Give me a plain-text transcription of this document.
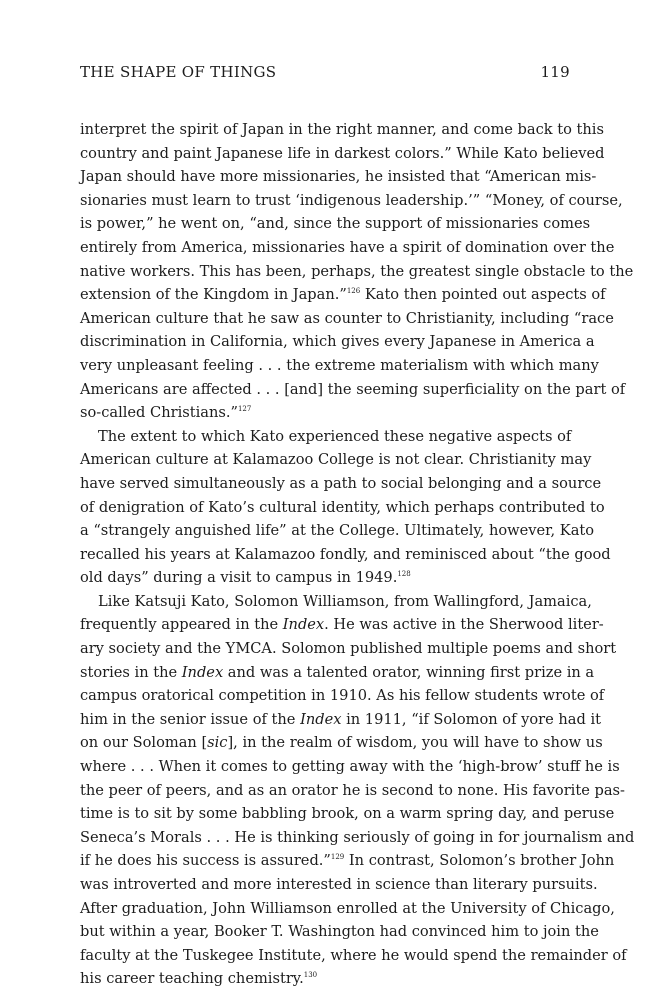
THE SHAPE OF THINGS	119
interpret the spirit of Japan in the right manner, and come back to this
country and paint Japanese life in darkest colors.” While Kato believed
Japan should have more missionaries, he insisted that “American mis-
sionaries must learn to trust ‘indigenous leadership.’” “Money, of course,
is power,” he went on, “and, since the support of missionaries comes
entirely from America, missionaries have a spirit of domination over the
native workers. This has been, perhaps, the greatest single obstacle to the
extension of the Kingdom in Japan.”$^{126}$ Kato then pointed out aspects of
American culture that he saw as counter to Christianity, including “race
discrimination in California, which gives every Japanese in America a
very unpleasant feeling . . . the extreme materialism with which many
Americans are affected . . . [and] the seeming superficiality on the part of
so-called Christians.”$^{127}$
The extent to which Kato experienced these negative aspects of
American culture at Kalamazoo College is not clear. Christianity may
have served simultaneously as a path to social belonging and a source
of denigration of Kato’s cultural identity, which perhaps contributed to
a “strangely anguished life” at the College. Ultimately, however, Kato
recalled his years at Kalamazoo fondly, and reminisced about “the good
old days” during a visit to campus in 1949.$^{128}$
Like Katsuji Kato, Solomon Williamson, from Wallingford, Jamaica,
frequently appeared in the Index. He was active in the Sherwood liter-
ary society and the YMCA. Solomon published multiple poems and short
stories in the Index and was a talented orator, winning first prize in a
campus oratorical competition in 1910. As his fellow students wrote of
him in the senior issue of the Index in 1911, “if Solomon of yore had it
on our Soloman [sic], in the realm of wisdom, you will have to show us
where . . . When it comes to getting away with the ‘high-brow’ stuff he is
the peer of peers, and as an orator he is second to none. His favorite pas-
time is to sit by some babbling brook, on a warm spring day, and peruse
Seneca’s Morals . . . He is thinking seriously of going in for journalism and
if he does his success is assured.”$^{129}$ In contrast, Solomon’s brother John
was introverted and more interested in science than literary pursuits.
After graduation, John Williamson enrolled at the University of Chicago,
but within a year, Booker T. Washington had convinced him to join the
faculty at the Tuskegee Institute, where he would spend the remainder of
his career teaching chemistry.$^{130}$
